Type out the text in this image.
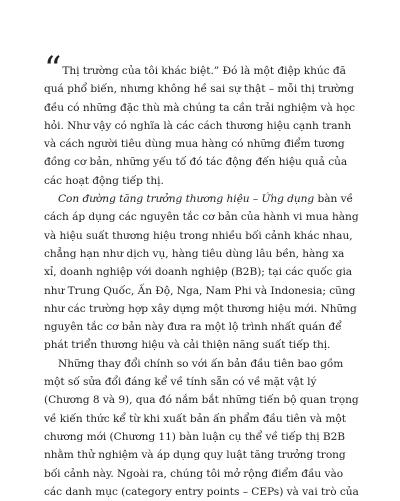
“Thị trường của tôi khác biệt.” Đó là một điệp khúc đã quá phổ biến, nhưng không hề sai sự thật – mỗi thị trường đều có những đặc thù mà chúng ta cần trải nghiệm và học hỏi. Như vậy có nghĩa là các cách thương hiệu cạnh tranh và cách người tiêu dùng mua hàng có những điểm tương đồng cơ bản, những yếu tố đó tác động đến hiệu quả của các hoạt động tiếp thị.

Con đường tăng trưởng thương hiệu – Ứng dụng bàn về cách áp dụng các nguyên tắc cơ bản của hành vi mua hàng và hiệu suất thương hiệu trong nhiều bối cảnh khác nhau, chẳng hạn như dịch vụ, hàng tiêu dùng lâu bền, hàng xa xỉ, doanh nghiệp với doanh nghiệp (B2B); tại các quốc gia như Trung Quốc, Ấn Độ, Nga, Nam Phi và Indonesia; cũng như các trường hợp xây dựng một thương hiệu mới. Những nguyên tắc cơ bản này đưa ra một lộ trình nhất quán để phát triển thương hiệu và cải thiện năng suất tiếp thị.

Những thay đổi chính so với ấn bản đầu tiên bao gồm một số sửa đổi đáng kể về tính sẵn có về mặt vật lý (Chương 8 và 9), qua đó nắm bắt những tiến bộ quan trọng về kiến thức kể từ khi xuất bản ấn phẩm đầu tiên và một chương mới (Chương 11) bàn luận cụ thể về tiếp thị B2B nhằm thử nghiệm và áp dụng quy luật tăng trưởng trong bối cảnh này. Ngoài ra, chúng tôi mở rộng điểm đầu vào các danh mục (category entry points – CEPs) và vai trò của
